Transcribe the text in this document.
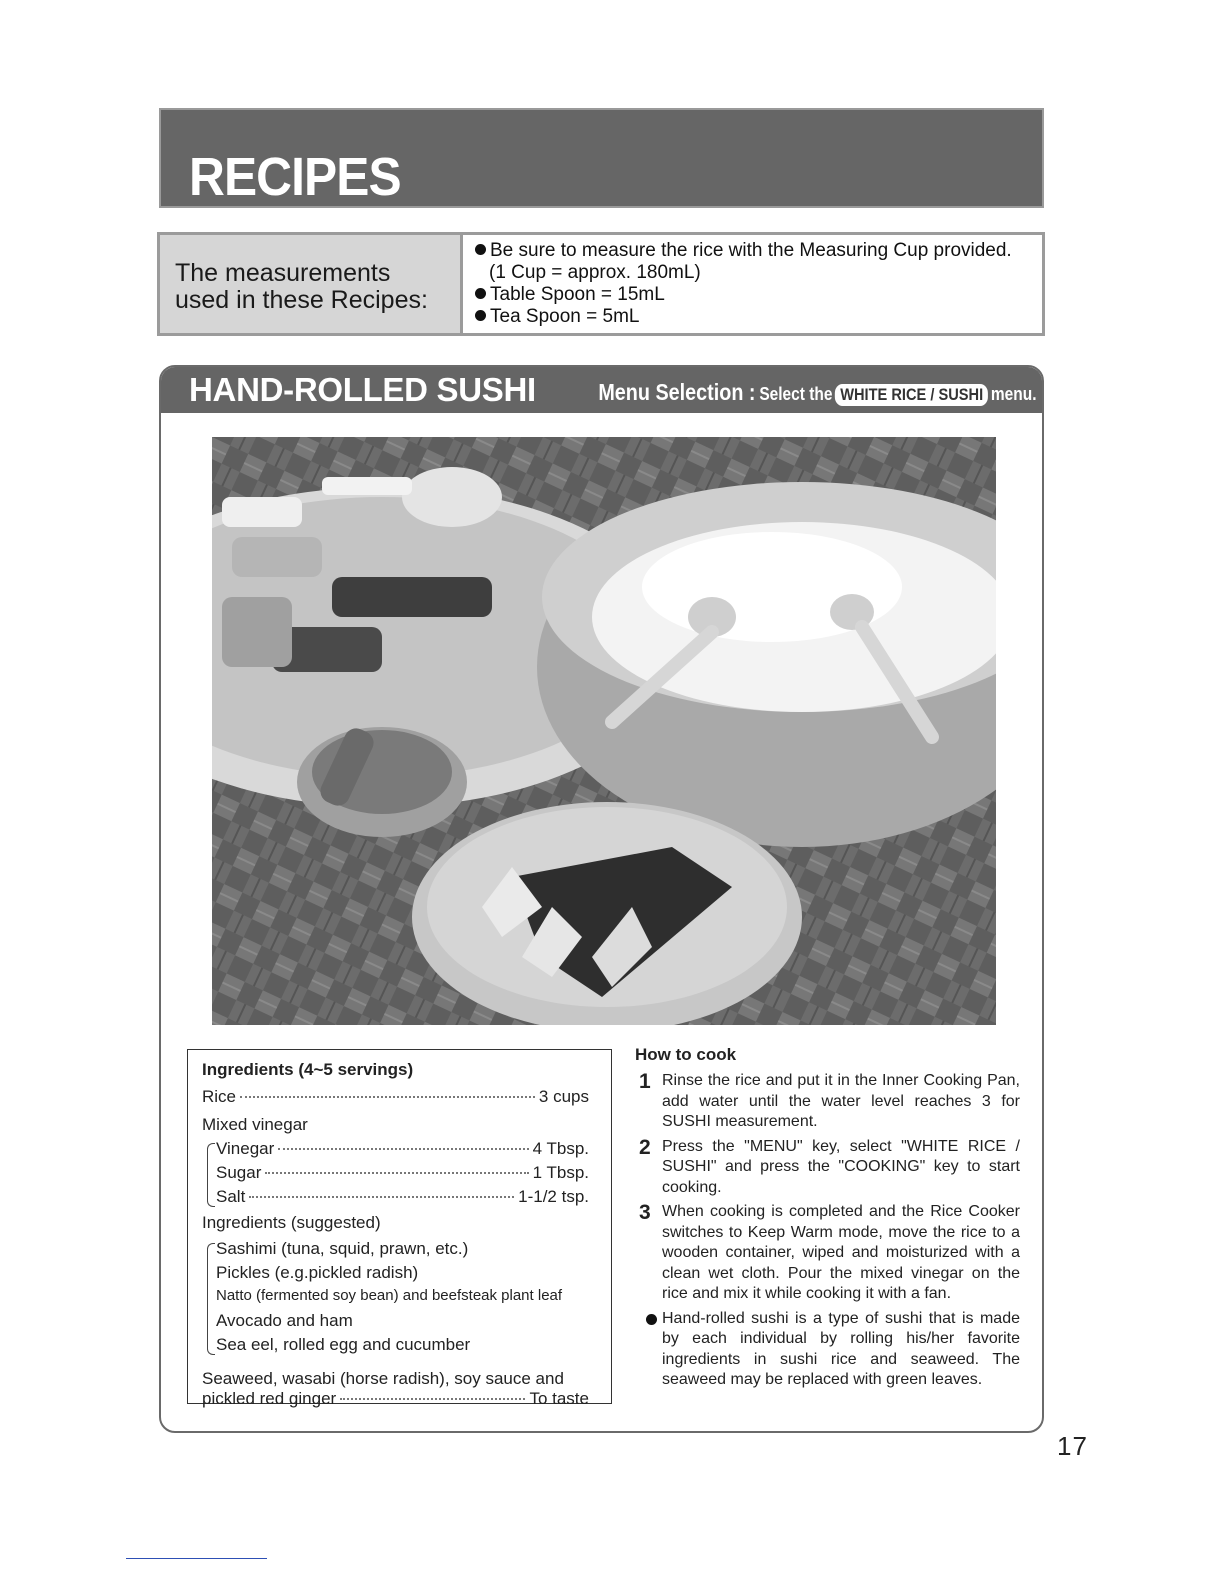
RECIPES
The measurements
used in these Recipes:
Be sure to measure the rice with the Measuring Cup provided.
(1 Cup = approx. 180mL)
Table Spoon = 15mL
Tea Spoon = 5mL
HAND-ROLLED SUSHI	Menu Selection : Select the WHITE RICE / SUSHI menu.
Ingredients (4~5 servings)
Rice	3 cups
Mixed vinegar
Vinegar	4 Tbsp.
Sugar	1 Tbsp.
Salt	1-1/2 tsp.
Ingredients (suggested)
Sashimi (tuna, squid, prawn, etc.)
Pickles (e.g.pickled radish)
Natto (fermented soy bean) and beefsteak plant leaf
Avocado and ham
Sea eel, rolled egg and cucumber
Seaweed, wasabi (horse radish), soy sauce and
pickled red ginger	To taste
How to cook
1 Rinse the rice and put it in the Inner Cooking Pan, add water until the water level reaches 3 for SUSHI measurement.
2 Press the "MENU" key, select "WHITE RICE / SUSHI" and press the "COOKING" key to start cooking.
3 When cooking is completed and the Rice Cooker switches to Keep Warm mode, move the rice to a wooden container, wiped and moisturized with a clean wet cloth. Pour the mixed vinegar on the rice and mix it while cooking it with a fan.
Hand-rolled sushi is a type of sushi that is made by each individual by rolling his/her favorite ingredients in sushi rice and seaweed. The seaweed may be replaced with green leaves.
17
